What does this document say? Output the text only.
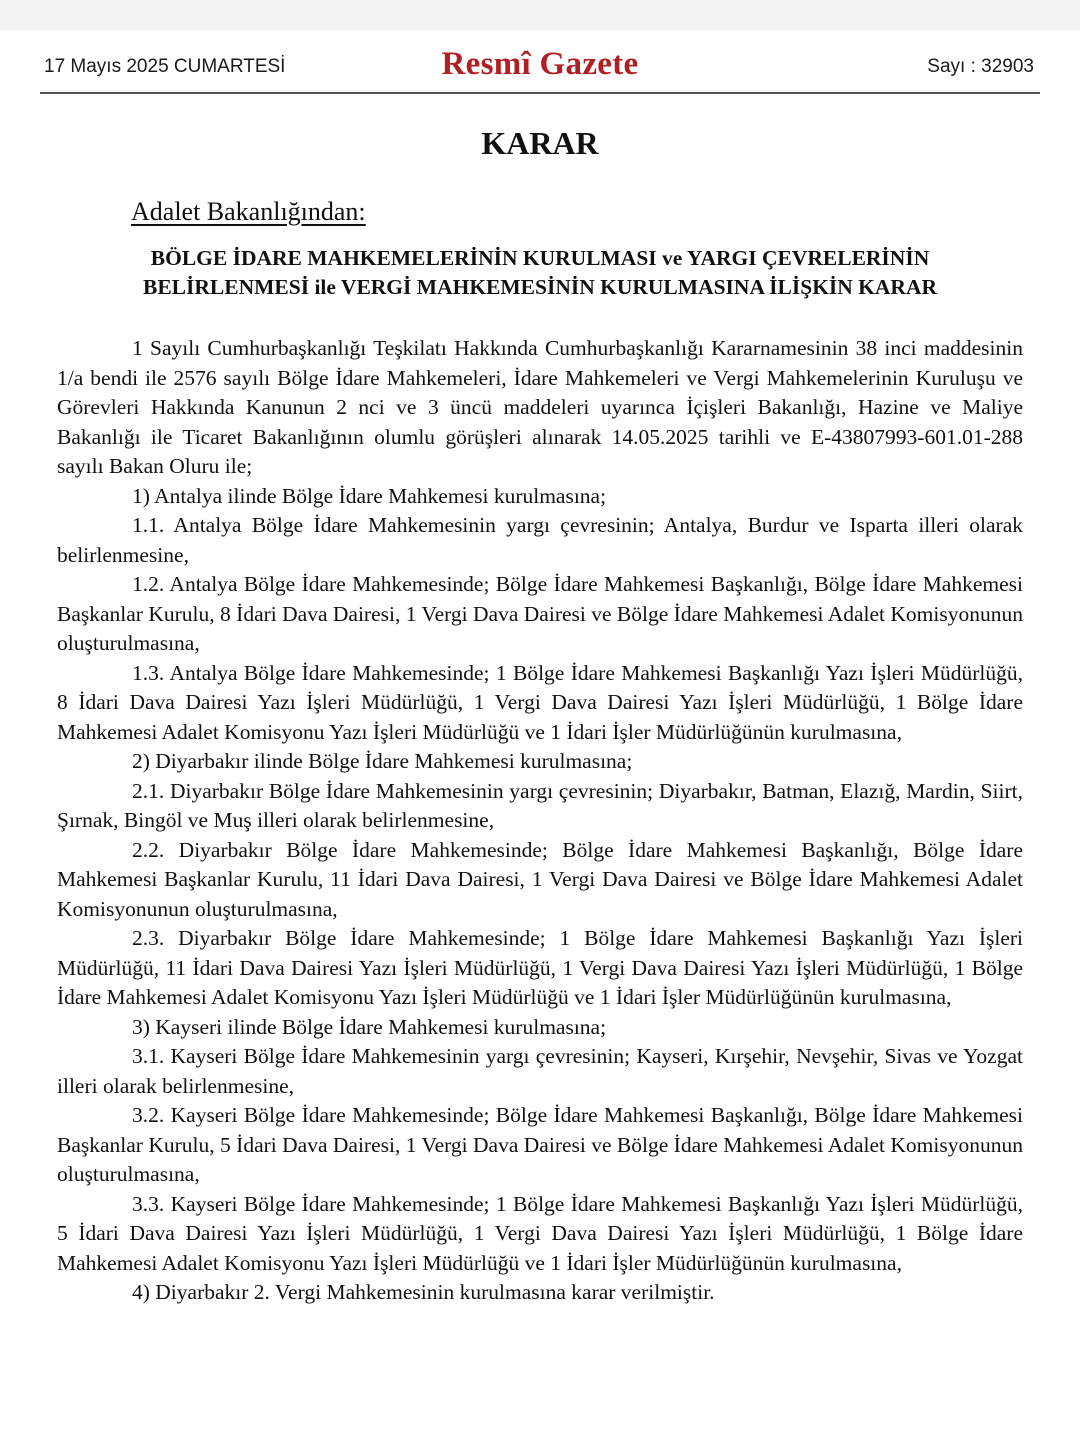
17 Mayıs 2025 CUMARTESİ	Resmî Gazete	Sayı : 32903
KARAR
Adalet Bakanlığından:
BÖLGE İDARE MAHKEMELERİNİN KURULMASI ve YARGI ÇEVRELERİNİN
BELİRLENMESİ ile VERGİ MAHKEMESİNİN KURULMASINA İLİŞKİN KARAR

1 Sayılı Cumhurbaşkanlığı Teşkilatı Hakkında Cumhurbaşkanlığı Kararnamesinin 38 inci maddesinin 1/a bendi ile 2576 sayılı Bölge İdare Mahkemeleri, İdare Mahkemeleri ve Vergi Mahkemelerinin Kuruluşu ve Görevleri Hakkında Kanunun 2 nci ve 3 üncü maddeleri uyarınca İçişleri Bakanlığı, Hazine ve Maliye Bakanlığı ile Ticaret Bakanlığının olumlu görüşleri alınarak 14.05.2025 tarihli ve E-43807993-601.01-288 sayılı Bakan Oluru ile;

1) Antalya ilinde Bölge İdare Mahkemesi kurulmasına;

1.1. Antalya Bölge İdare Mahkemesinin yargı çevresinin; Antalya, Burdur ve Isparta illeri olarak belirlenmesine,

1.2. Antalya Bölge İdare Mahkemesinde; Bölge İdare Mahkemesi Başkanlığı, Bölge İdare Mahkemesi Başkanlar Kurulu, 8 İdari Dava Dairesi, 1 Vergi Dava Dairesi ve Bölge İdare Mahkemesi Adalet Komisyonunun oluşturulmasına,

1.3. Antalya Bölge İdare Mahkemesinde; 1 Bölge İdare Mahkemesi Başkanlığı Yazı İşleri Müdürlüğü, 8 İdari Dava Dairesi Yazı İşleri Müdürlüğü, 1 Vergi Dava Dairesi Yazı İşleri Müdürlüğü, 1 Bölge İdare Mahkemesi Adalet Komisyonu Yazı İşleri Müdürlüğü ve 1 İdari İşler Müdürlüğünün kurulmasına,

2) Diyarbakır ilinde Bölge İdare Mahkemesi kurulmasına;

2.1. Diyarbakır Bölge İdare Mahkemesinin yargı çevresinin; Diyarbakır, Batman, Elazığ, Mardin, Siirt, Şırnak, Bingöl ve Muş illeri olarak belirlenmesine,

2.2. Diyarbakır Bölge İdare Mahkemesinde; Bölge İdare Mahkemesi Başkanlığı, Bölge İdare Mahkemesi Başkanlar Kurulu, 11 İdari Dava Dairesi, 1 Vergi Dava Dairesi ve Bölge İdare Mahkemesi Adalet Komisyonunun oluşturulmasına,

2.3. Diyarbakır Bölge İdare Mahkemesinde; 1 Bölge İdare Mahkemesi Başkanlığı Yazı İşleri Müdürlüğü, 11 İdari Dava Dairesi Yazı İşleri Müdürlüğü, 1 Vergi Dava Dairesi Yazı İşleri Müdürlüğü, 1 Bölge İdare Mahkemesi Adalet Komisyonu Yazı İşleri Müdürlüğü ve 1 İdari İşler Müdürlüğünün kurulmasına,

3) Kayseri ilinde Bölge İdare Mahkemesi kurulmasına;

3.1. Kayseri Bölge İdare Mahkemesinin yargı çevresinin; Kayseri, Kırşehir, Nevşehir, Sivas ve Yozgat illeri olarak belirlenmesine,

3.2. Kayseri Bölge İdare Mahkemesinde; Bölge İdare Mahkemesi Başkanlığı, Bölge İdare Mahkemesi Başkanlar Kurulu, 5 İdari Dava Dairesi, 1 Vergi Dava Dairesi ve Bölge İdare Mahkemesi Adalet Komisyonunun oluşturulmasına,

3.3. Kayseri Bölge İdare Mahkemesinde; 1 Bölge İdare Mahkemesi Başkanlığı Yazı İşleri Müdürlüğü, 5 İdari Dava Dairesi Yazı İşleri Müdürlüğü, 1 Vergi Dava Dairesi Yazı İşleri Müdürlüğü, 1 Bölge İdare Mahkemesi Adalet Komisyonu Yazı İşleri Müdürlüğü ve 1 İdari İşler Müdürlüğünün kurulmasına,

4) Diyarbakır 2. Vergi Mahkemesinin kurulmasına karar verilmiştir.
